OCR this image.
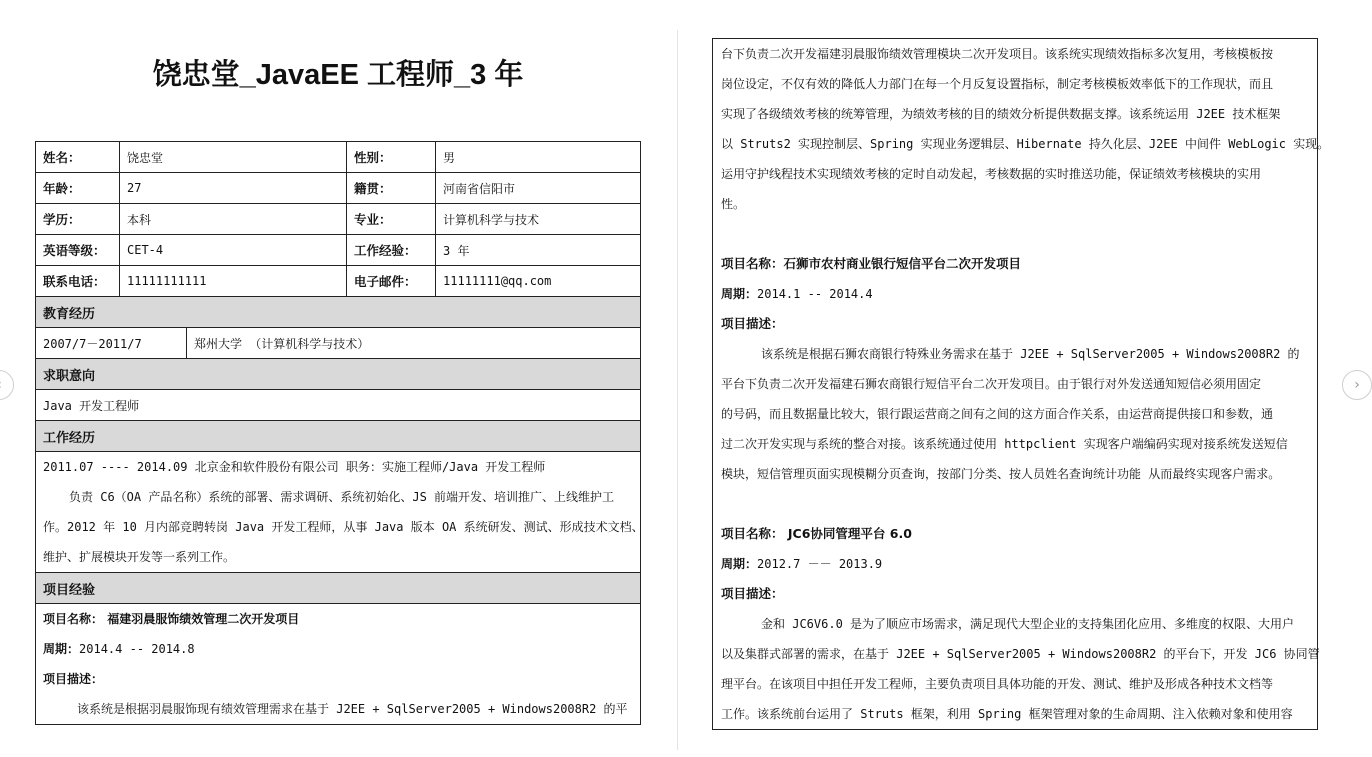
饶忠堂_JavaEE 工程师_3 年
姓名：	饶忠堂		性别：	男
年龄：	27		籍贯：	河南省信阳市
学历：	本科		专业：	计算机科学与技术
英语等级：	CET-4		工作经验：	3 年
联系电话：	11111111111		电子邮件：	11111111@qq.com
教育经历				
2007/7－2011/7		郑州大学 （计算机科学与技术）		
求职意向				
Java 开发工程师				
工作经历				

2011.07 ---- 2014.09 北京金和软件股份有限公司 职务：实施工程师/Java 开发工程师
负责 C6（OA 产品名称）系统的部署、需求调研、系统初始化、JS 前端开发、培训推广、上线维护工
作。2012 年 10 月内部竞聘转岗 Java 开发工程师，从事 Java 版本 OA 系统研发、测试、形成技术文档、
维护、扩展模块开发等一系列工作。				

项目经验				

项目名称： 福建羽晨服饰绩效管理二次开发项目
周期：2014.4 -- 2014.8
项目描述：
该系统是根据羽晨服饰现有绩效管理需求在基于 J2EE + SqlServer2005 + Windows2008R2 的平				
台下负责二次开发福建羽晨服饰绩效管理模块二次开发项目。该系统实现绩效指标多次复用，考核模板按
岗位设定，不仅有效的降低人力部门在每一个月反复设置指标，制定考核模板效率低下的工作现状，而且
实现了各级绩效考核的统筹管理，为绩效考核的目的绩效分析提供数据支撑。该系统运用 J2EE 技术框架
以 Struts2 实现控制层、Spring 实现业务逻辑层、Hibernate 持久化层、J2EE 中间件 WebLogic 实现。
运用守护线程技术实现绩效考核的定时自动发起，考核数据的实时推送功能，保证绩效考核模块的实用
性。
项目名称：石狮市农村商业银行短信平台二次开发项目
周期：2014.1 -- 2014.4
项目描述：
该系统是根据石狮农商银行特殊业务需求在基于 J2EE + SqlServer2005 + Windows2008R2 的
平台下负责二次开发福建石狮农商银行短信平台二次开发项目。由于银行对外发送通知短信必须用固定
的号码，而且数据量比较大，银行跟运营商之间有之间的这方面合作关系，由运营商提供接口和参数，通
过二次开发实现与系统的整合对接。该系统通过使用 httpclient 实现客户端编码实现对接系统发送短信
模块，短信管理页面实现模糊分页查询，按部门分类、按人员姓名查询统计功能 从而最终实现客户需求。
项目名称： JC6协同管理平台 6.0
周期：2012.7 －－ 2013.9
项目描述：
金和 JC6V6.0 是为了顺应市场需求，满足现代大型企业的支持集团化应用、多维度的权限、大用户
以及集群式部署的需求，在基于 J2EE + SqlServer2005 + Windows2008R2 的平台下，开发 JC6 协同管
理平台。在该项目中担任开发工程师，主要负责项目具体功能的开发、测试、维护及形成各种技术文档等
工作。该系统前台运用了 Struts 框架，利用 Spring 框架管理对象的生命周期、注入依赖对象和使用容
›
